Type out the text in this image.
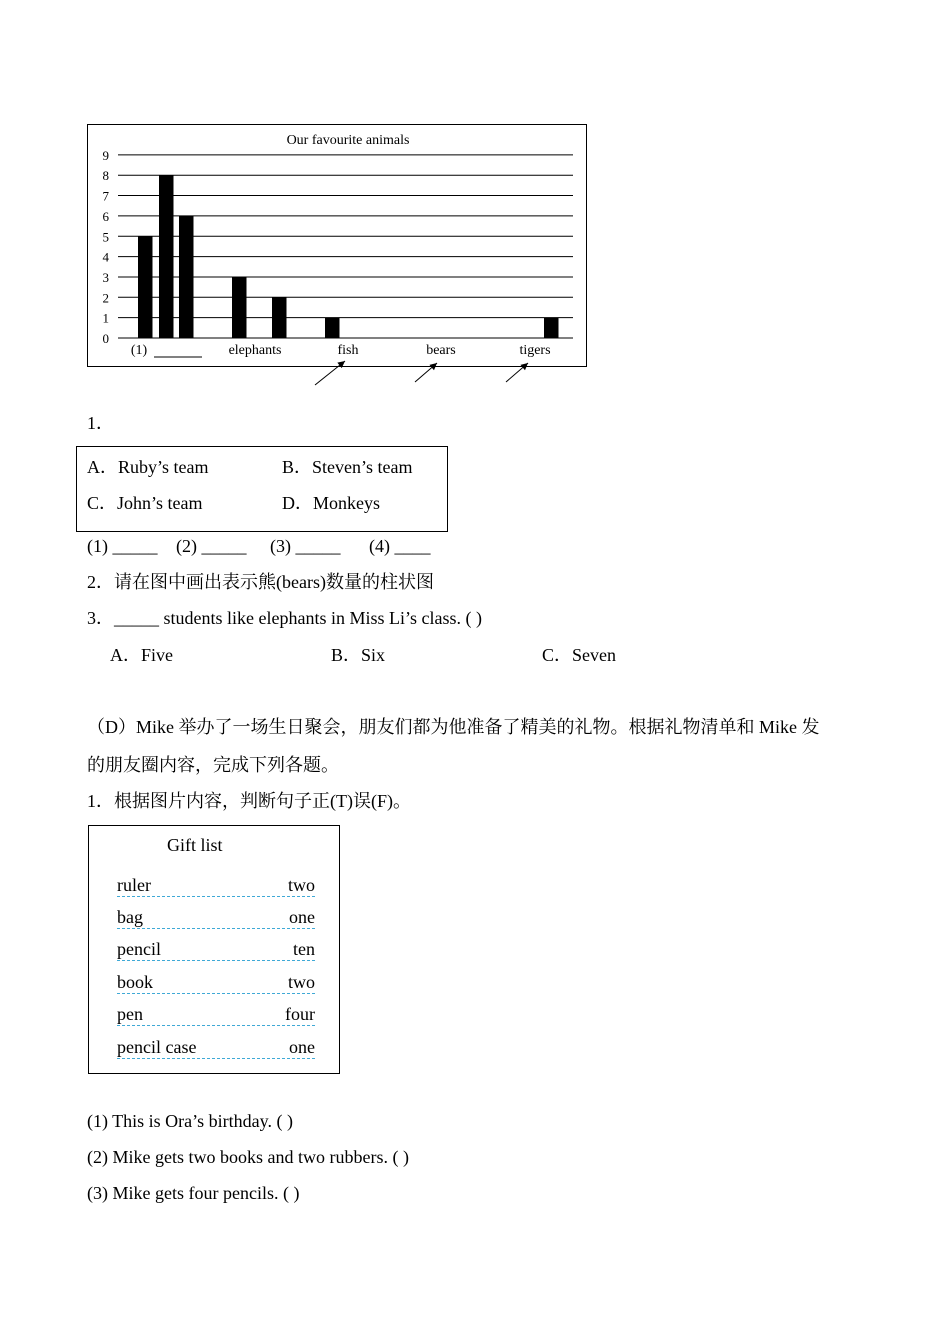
Our favourite animals
0
1
2
3
4
5
6
7
8
9
(1)	elephants	fish	bears	tigers
1．
A．Ruby’s team	B．Steven’s team
C．John’s team	D．Monkeys
(1) _____ (2) _____ (3) _____ (4) ____
2．请在图中画出表示熊(bears)数量的柱状图
3．_____ students like elephants in Miss Li’s class. ( )
A．Five	B．Six	C．Seven
（D）Mike 举办了一场生日聚会，朋友们都为他准备了精美的礼物。根据礼物清单和 Mike 发
的朋友圈内容，完成下列各题。
1．根据图片内容，判断句子正(T)误(F)。
Gift list
ruler	two
bag	one
pencil	ten
book	two
pen	four
pencil case	one
(1) This is Ora’s birthday. ( )
(2) Mike gets two books and two rubbers. ( )
(3) Mike gets four pencils. ( )
